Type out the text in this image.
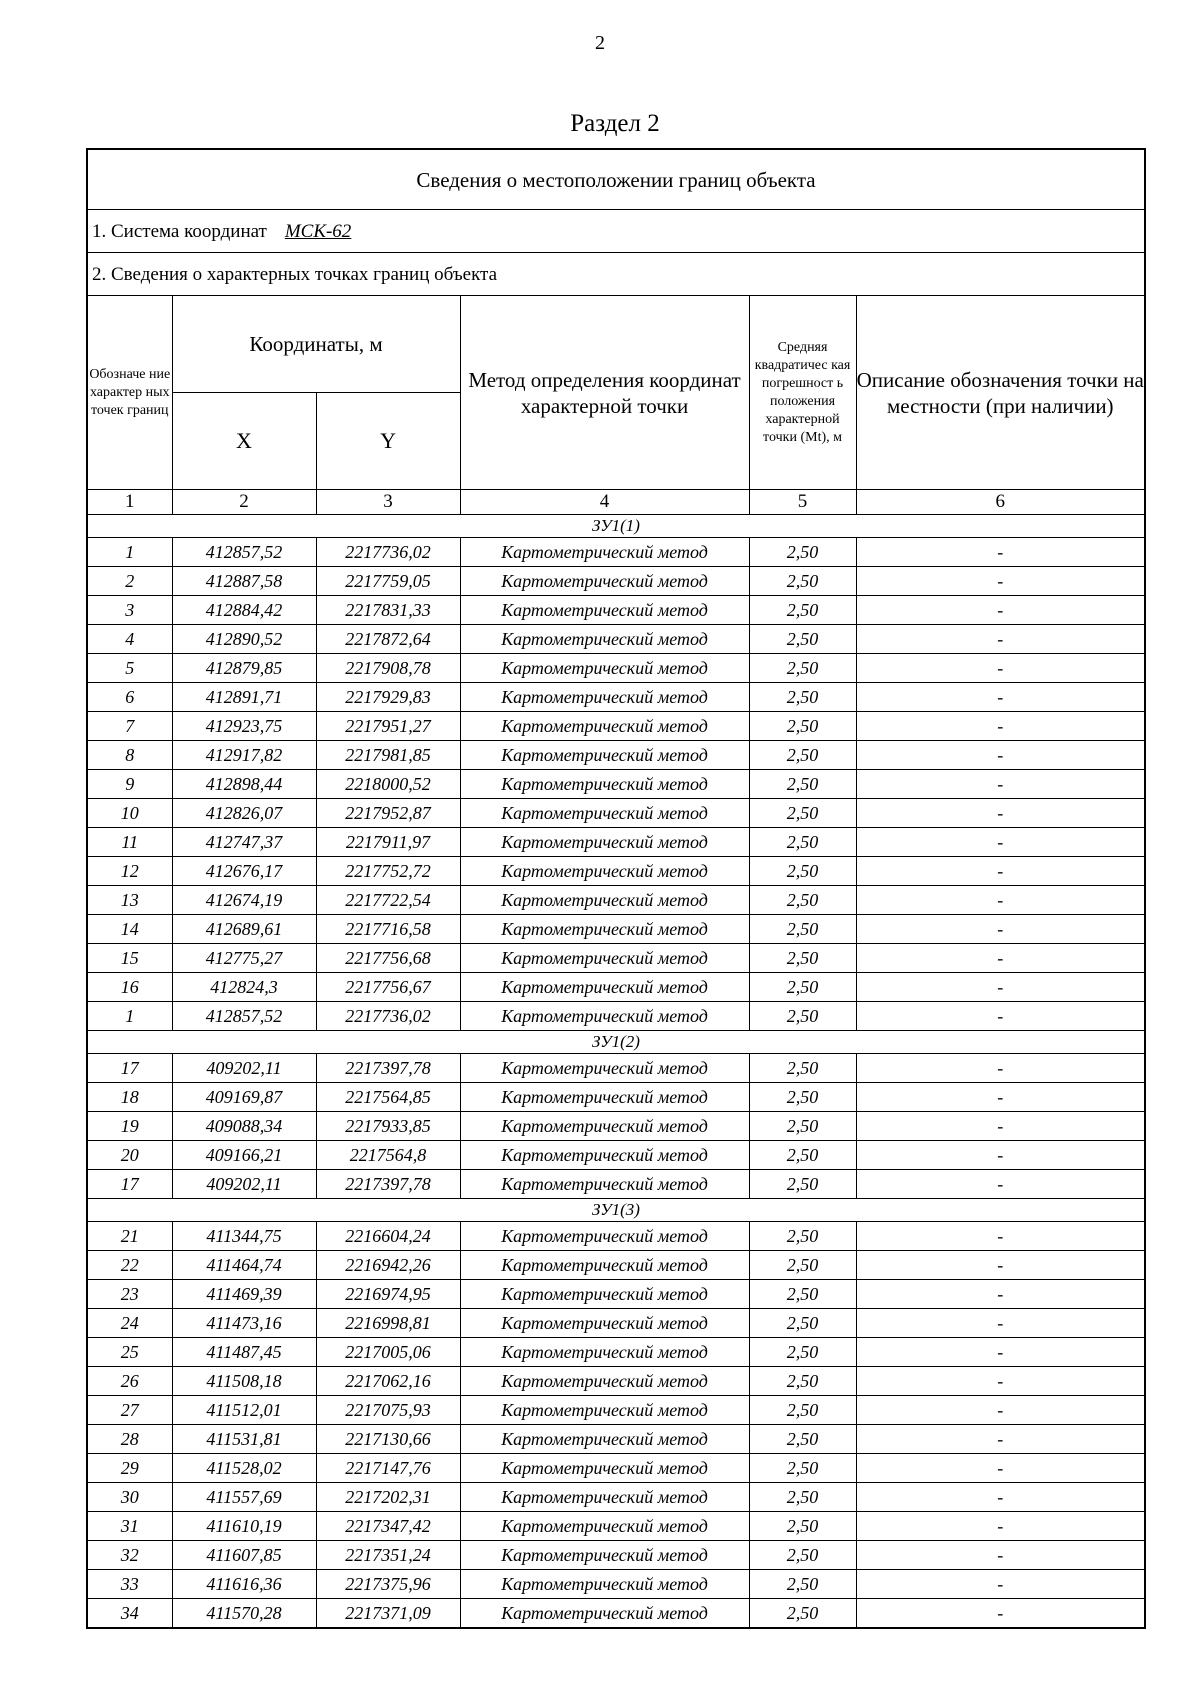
2
Раздел 2
Сведения о местоположении границ объекта
1. Система координат МСК-62
2. Сведения о характерных точках границ объекта
Обозначе ние характер ных точек границ	Координаты, м		Метод определения координат характерной точки	Средняя квадратичес кая погрешност ь положения характерной точки (Mt), м	Описание обозначения точки на местности (при наличии)
	X	Y			
1	2	3	4	5	6
ЗУ1(1)					
1	412857,52	2217736,02	Картометрический метод	2,50	-
2	412887,58	2217759,05	Картометрический метод	2,50	-
3	412884,42	2217831,33	Картометрический метод	2,50	-
4	412890,52	2217872,64	Картометрический метод	2,50	-
5	412879,85	2217908,78	Картометрический метод	2,50	-
6	412891,71	2217929,83	Картометрический метод	2,50	-
7	412923,75	2217951,27	Картометрический метод	2,50	-
8	412917,82	2217981,85	Картометрический метод	2,50	-
9	412898,44	2218000,52	Картометрический метод	2,50	-
10	412826,07	2217952,87	Картометрический метод	2,50	-
11	412747,37	2217911,97	Картометрический метод	2,50	-
12	412676,17	2217752,72	Картометрический метод	2,50	-
13	412674,19	2217722,54	Картометрический метод	2,50	-
14	412689,61	2217716,58	Картометрический метод	2,50	-
15	412775,27	2217756,68	Картометрический метод	2,50	-
16	412824,3	2217756,67	Картометрический метод	2,50	-
1	412857,52	2217736,02	Картометрический метод	2,50	-
ЗУ1(2)					
17	409202,11	2217397,78	Картометрический метод	2,50	-
18	409169,87	2217564,85	Картометрический метод	2,50	-
19	409088,34	2217933,85	Картометрический метод	2,50	-
20	409166,21	2217564,8	Картометрический метод	2,50	-
17	409202,11	2217397,78	Картометрический метод	2,50	-
ЗУ1(3)					
21	411344,75	2216604,24	Картометрический метод	2,50	-
22	411464,74	2216942,26	Картометрический метод	2,50	-
23	411469,39	2216974,95	Картометрический метод	2,50	-
24	411473,16	2216998,81	Картометрический метод	2,50	-
25	411487,45	2217005,06	Картометрический метод	2,50	-
26	411508,18	2217062,16	Картометрический метод	2,50	-
27	411512,01	2217075,93	Картометрический метод	2,50	-
28	411531,81	2217130,66	Картометрический метод	2,50	-
29	411528,02	2217147,76	Картометрический метод	2,50	-
30	411557,69	2217202,31	Картометрический метод	2,50	-
31	411610,19	2217347,42	Картометрический метод	2,50	-
32	411607,85	2217351,24	Картометрический метод	2,50	-
33	411616,36	2217375,96	Картометрический метод	2,50	-
34	411570,28	2217371,09	Картометрический метод	2,50	-
